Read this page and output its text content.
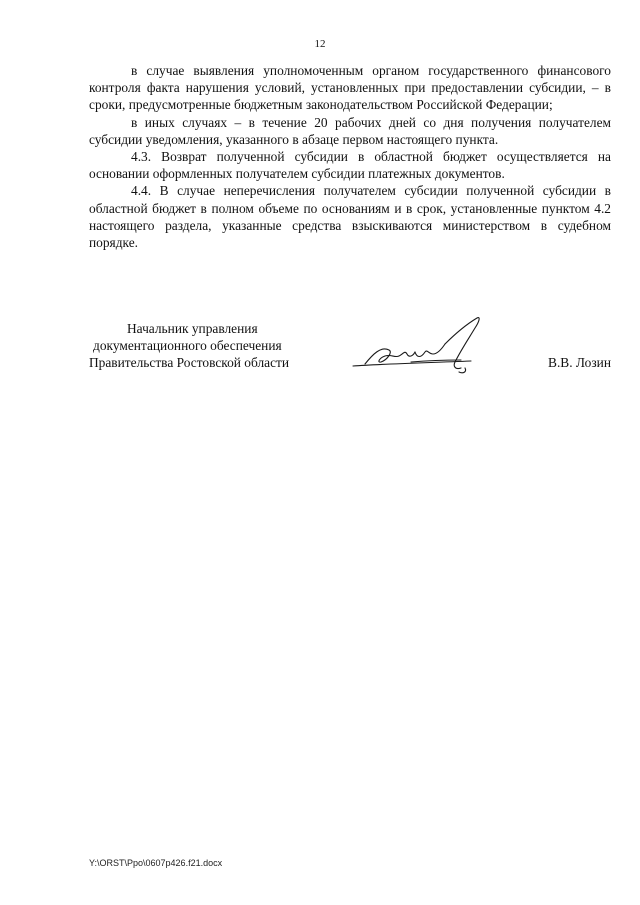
12

в случае выявления уполномоченным органом государственного финансового контроля факта нарушения условий, установленных при предоставлении субсидии, – в сроки, предусмотренные бюджетным законодательством Российской Федерации;

в иных случаях – в течение 20 рабочих дней со дня получения получателем субсидии уведомления, указанного в абзаце первом настоящего пункта.

4.3. Возврат полученной субсидии в областной бюджет осуществляется на основании оформленных получателем субсидии платежных документов.

4.4. В случае неперечисления получателем субсидии полученной субсидии в областной бюджет в полном объеме по основаниям и в срок, установленные пунктом 4.2 настоящего раздела, указанные средства взыскиваются министерством в судебном порядке.

Начальник управления
документационного обеспечения
Правительства Ростовской области	В.В. Лозин
Y:\ORST\Ppo\0607p426.f21.docx
